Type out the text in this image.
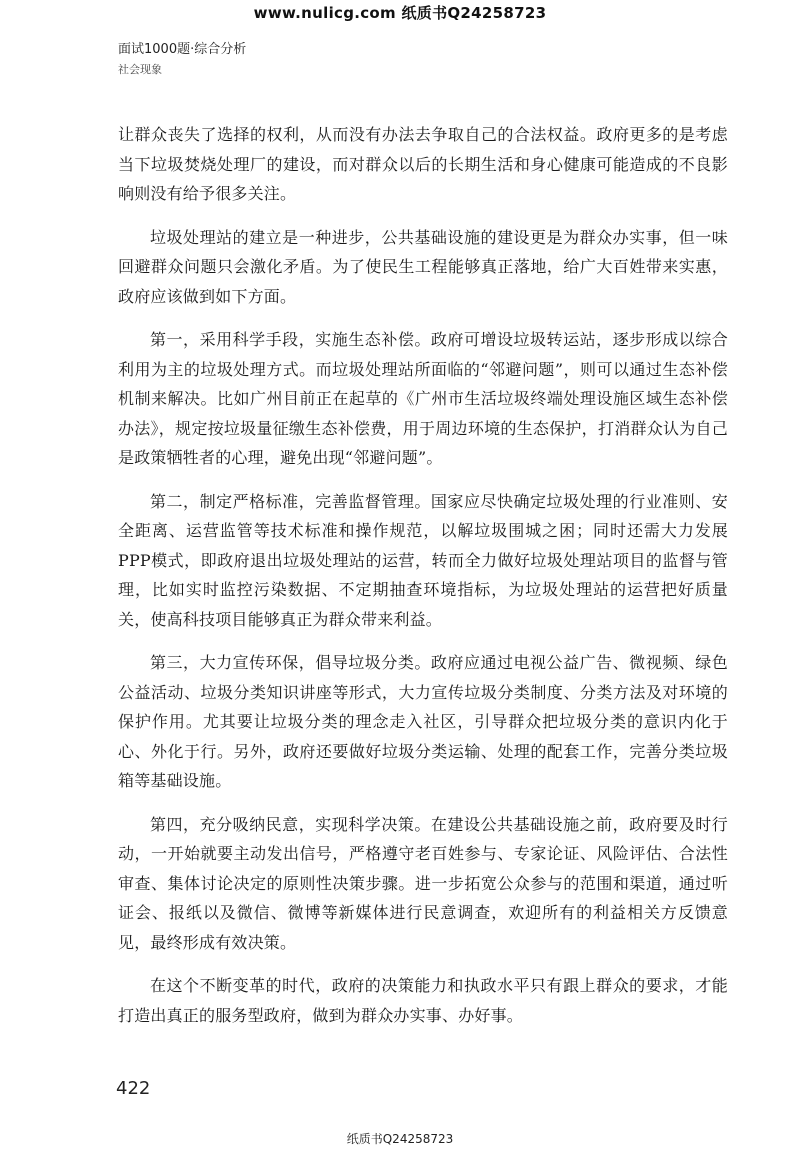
www.nulicg.com 纸质书Q24258723
面试1000题·综合分析
社会现象

让群众丧失了选择的权利，从而没有办法去争取自己的合法权益。政府更多的是考虑当下垃圾焚烧处理厂的建设，而对群众以后的长期生活和身心健康可能造成的不良影响则没有给予很多关注。

垃圾处理站的建立是一种进步，公共基础设施的建设更是为群众办实事，但一味回避群众问题只会激化矛盾。为了使民生工程能够真正落地，给广大百姓带来实惠，政府应该做到如下方面。

第一，采用科学手段，实施生态补偿。政府可增设垃圾转运站，逐步形成以综合利用为主的垃圾处理方式。而垃圾处理站所面临的“邻避问题”，则可以通过生态补偿机制来解决。比如广州目前正在起草的《广州市生活垃圾终端处理设施区域生态补偿办法》，规定按垃圾量征缴生态补偿费，用于周边环境的生态保护，打消群众认为自己是政策牺牲者的心理，避免出现“邻避问题”。

第二，制定严格标准，完善监督管理。国家应尽快确定垃圾处理的行业准则、安全距离、运营监管等技术标准和操作规范，以解垃圾围城之困；同时还需大力发展PPP模式，即政府退出垃圾处理站的运营，转而全力做好垃圾处理站项目的监督与管理，比如实时监控污染数据、不定期抽查环境指标，为垃圾处理站的运营把好质量关，使高科技项目能够真正为群众带来利益。

第三，大力宣传环保，倡导垃圾分类。政府应通过电视公益广告、微视频、绿色公益活动、垃圾分类知识讲座等形式，大力宣传垃圾分类制度、分类方法及对环境的保护作用。尤其要让垃圾分类的理念走入社区，引导群众把垃圾分类的意识内化于心、外化于行。另外，政府还要做好垃圾分类运输、处理的配套工作，完善分类垃圾箱等基础设施。

第四，充分吸纳民意，实现科学决策。在建设公共基础设施之前，政府要及时行动，一开始就要主动发出信号，严格遵守老百姓参与、专家论证、风险评估、合法性审查、集体讨论决定的原则性决策步骤。进一步拓宽公众参与的范围和渠道，通过听证会、报纸以及微信、微博等新媒体进行民意调查，欢迎所有的利益相关方反馈意见，最终形成有效决策。

在这个不断变革的时代，政府的决策能力和执政水平只有跟上群众的要求，才能打造出真正的服务型政府，做到为群众办实事、办好事。

422
纸质书Q24258723
